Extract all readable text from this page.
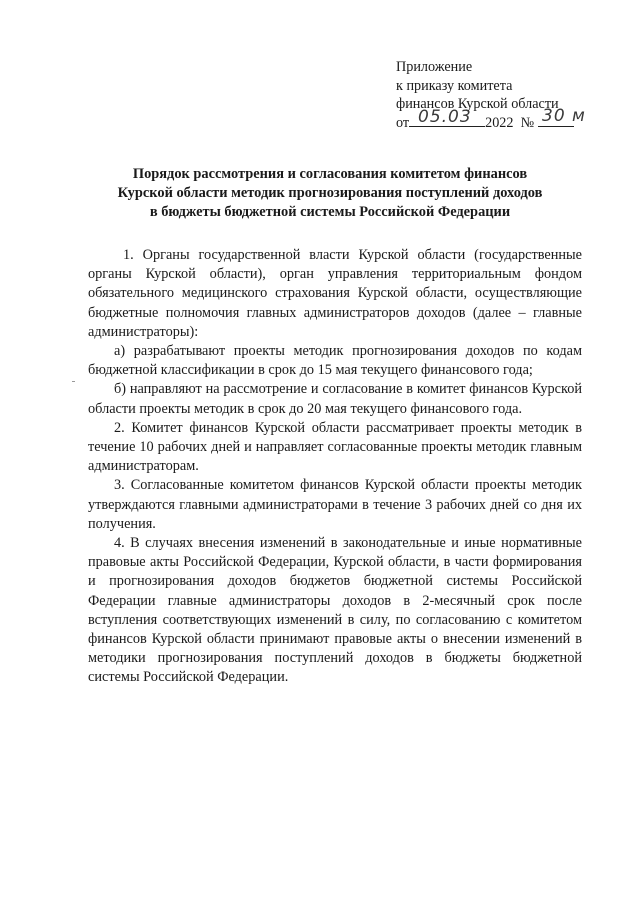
Приложение
к приказу комитета
финансов Курской области
от	2022 №
05.03	30 м
Порядок рассмотрения и согласования комитетом финансов
Курской области методик прогнозирования поступлений доходов
в бюджеты бюджетной системы Российской Федерации

1. Органы государственной власти Курской области (государственные органы Курской области), орган управления территориальным фондом обязательного медицинского страхования Курской области, осуществляющие бюджетные полномочия главных администраторов доходов (далее – главные администраторы):

а) разрабатывают проекты методик прогнозирования доходов по кодам бюджетной классификации в срок до 15 мая текущего финансового года;

б) направляют на рассмотрение и согласование в комитет финансов Курской области проекты методик в срок до 20 мая текущего финансового года.

2. Комитет финансов Курской области рассматривает проекты методик в течение 10 рабочих дней и направляет согласованные проекты методик главным администраторам.

3. Согласованные комитетом финансов Курской области проекты методик утверждаются главными администраторами в течение 3 рабочих дней со дня их получения.

4. В случаях внесения изменений в законодательные и иные нормативные правовые акты Российской Федерации, Курской области, в части формирования и прогнозирования доходов бюджетов бюджетной системы Российской Федерации главные администраторы доходов в 2-месячный срок после вступления соответствующих изменений в силу, по согласованию с комитетом финансов Курской области принимают правовые акты о внесении изменений в методики прогнозирования поступлений доходов в бюджеты бюджетной системы Российской Федерации.
